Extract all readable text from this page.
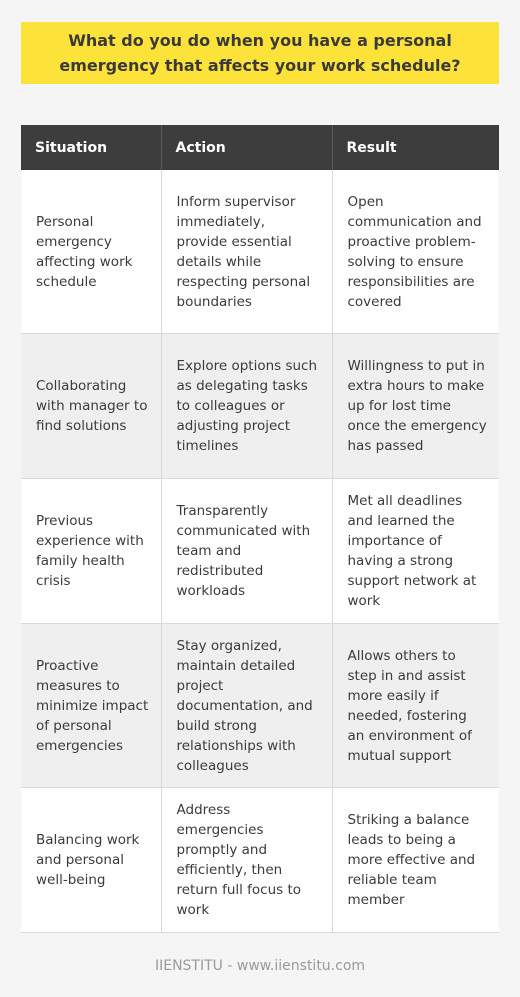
What do you do when you have a personal emergency that affects your work schedule?
Situation	Action	Result
Personal emergency affecting work schedule	Inform supervisor immediately, provide essential details while respecting personal boundaries	Open communication and proactive problem-solving to ensure responsibilities are covered
Collaborating with manager to find solutions	Explore options such as delegating tasks to colleagues or adjusting project timelines	Willingness to put in extra hours to make up for lost time once the emergency has passed
Previous experience with family health crisis	Transparently communicated with team and redistributed workloads	Met all deadlines and learned the importance of having a strong support network at work
Proactive measures to minimize impact of personal emergencies	Stay organized, maintain detailed project documentation, and build strong relationships with colleagues	Allows others to step in and assist more easily if needed, fostering an environment of mutual support
Balancing work and personal well-being	Address emergencies promptly and efficiently, then return full focus to work	Striking a balance leads to being a more effective and reliable team member
IIENSTITU - www.iienstitu.com
